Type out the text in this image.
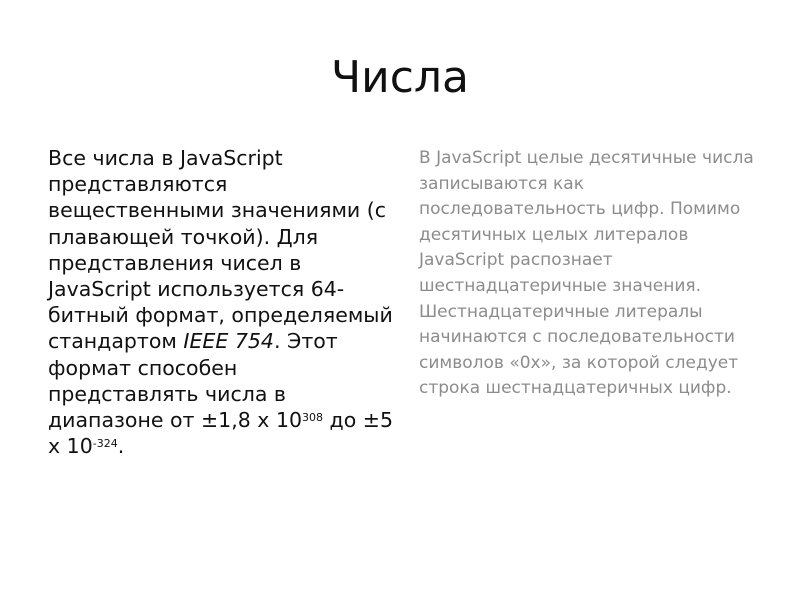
Числа

Все числа в JavaScript представляются вещественными значениями (с плавающей точкой). Для представления чисел в JavaScript используется 64-битный формат, определяемый стандартом IEEE 754. Этот формат способен представлять числа в диапазоне от ±1,8 х $10^{308}$ до ±5 х $10^{-324}$.

В JavaScript целые десятичные числа записываются как последовательность цифр. Помимо десятичных целых литералов JavaScript распознает шестнадцатеричные значения. Шестнадцатеричные литералы начинаются с последовательности символов «0х», за которой следует строка шестнадцатеричных цифр.
